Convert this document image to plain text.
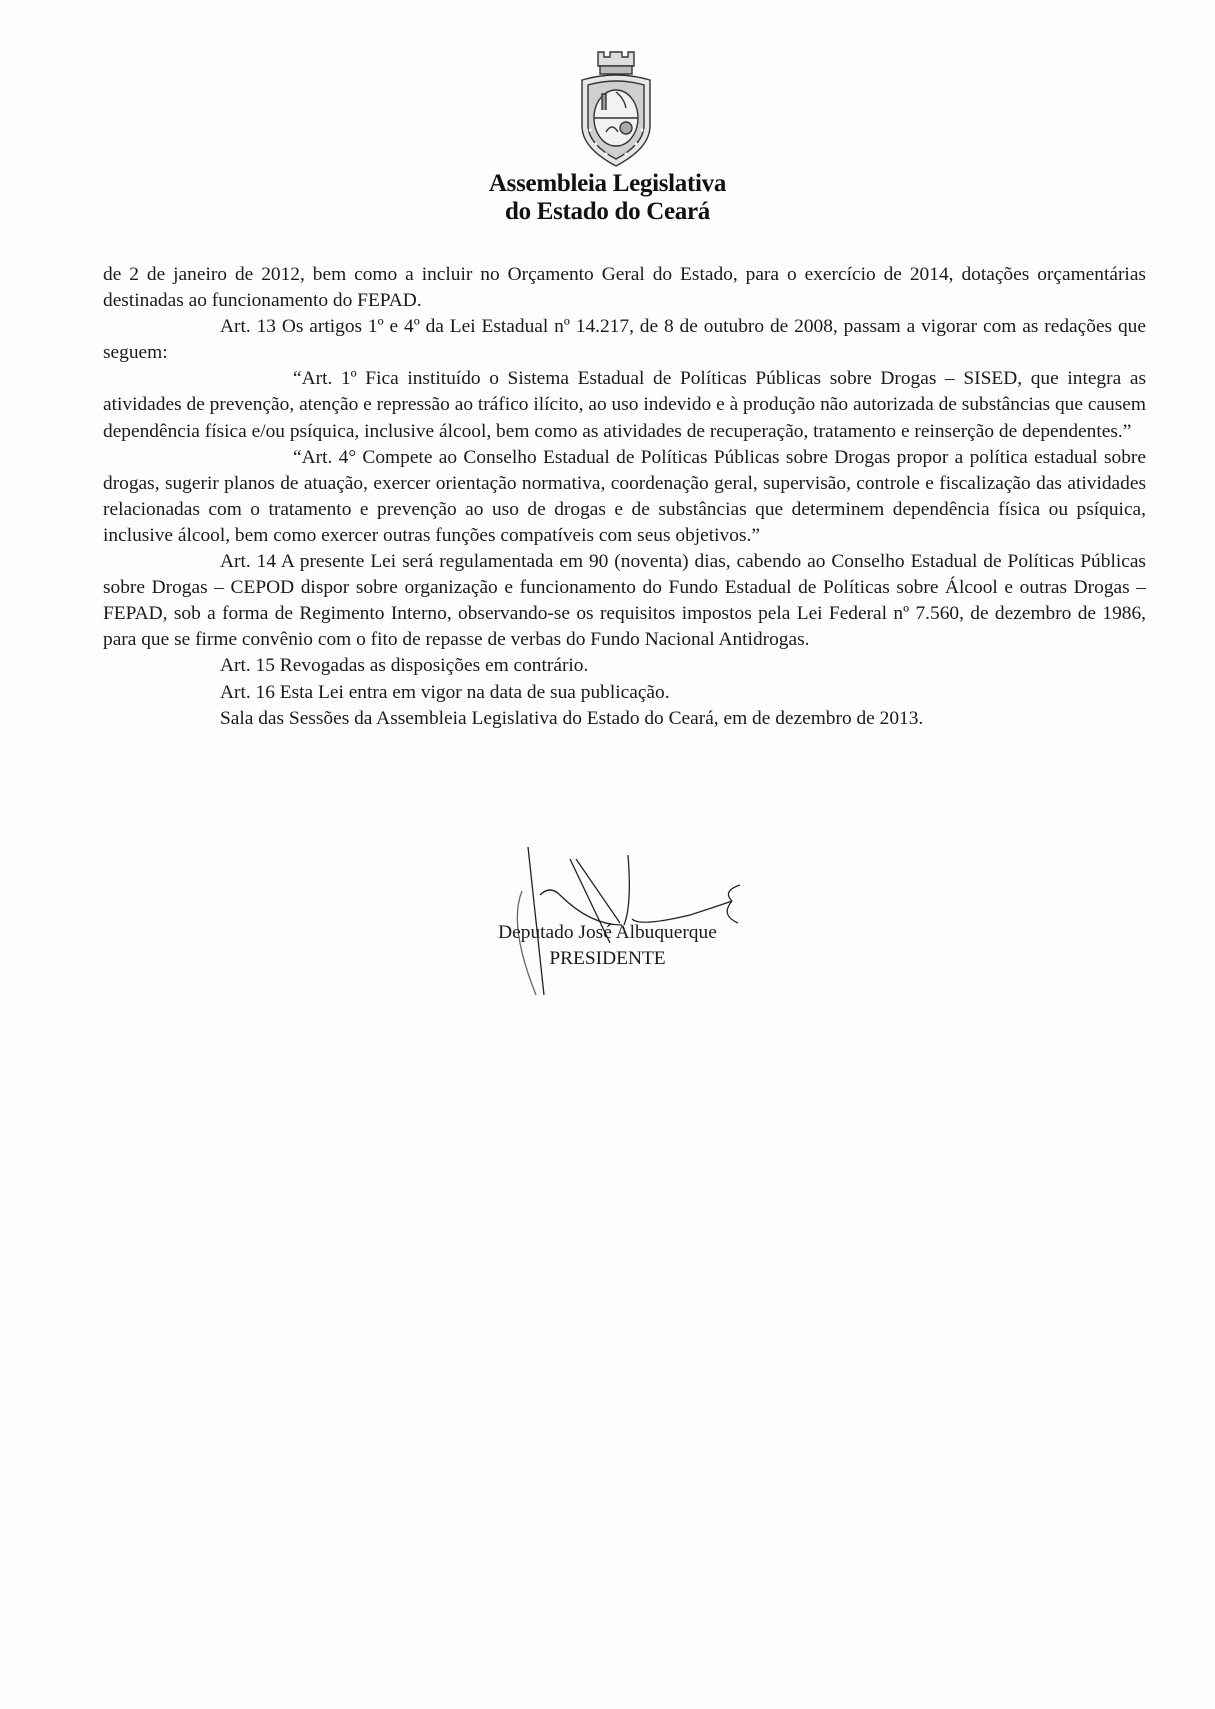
Assembleia Legislativa
do Estado do Ceará

de 2 de janeiro de 2012, bem como a incluir no Orçamento Geral do Estado, para o exercício de 2014, dotações orçamentárias destinadas ao funcionamento do FEPAD.

Art. 13 Os artigos 1º e 4º da Lei Estadual nº 14.217, de 8 de outubro de 2008, passam a vigorar com as redações que seguem:

“Art. 1º Fica instituído o Sistema Estadual de Políticas Públicas sobre Drogas – SISED, que integra as atividades de prevenção, atenção e repressão ao tráfico ilícito, ao uso indevido e à produção não autorizada de substâncias que causem dependência física e/ou psíquica, inclusive álcool, bem como as atividades de recuperação, tratamento e reinserção de dependentes.”

“Art. 4° Compete ao Conselho Estadual de Políticas Públicas sobre Drogas propor a política estadual sobre drogas, sugerir planos de atuação, exercer orientação normativa, coordenação geral, supervisão, controle e fiscalização das atividades relacionadas com o tratamento e prevenção ao uso de drogas e de substâncias que determinem dependência física ou psíquica, inclusive álcool, bem como exercer outras funções compatíveis com seus objetivos.”

Art. 14 A presente Lei será regulamentada em 90 (noventa) dias, cabendo ao Conselho Estadual de Políticas Públicas sobre Drogas – CEPOD dispor sobre organização e funcionamento do Fundo Estadual de Políticas sobre Álcool e outras Drogas – FEPAD, sob a forma de Regimento Interno, observando-se os requisitos impostos pela Lei Federal nº 7.560, de dezembro de 1986, para que se firme convênio com o fito de repasse de verbas do Fundo Nacional Antidrogas.

Art. 15 Revogadas as disposições em contrário.

Art. 16 Esta Lei entra em vigor na data de sua publicação.

Sala das Sessões da Assembleia Legislativa do Estado do Ceará, em de dezembro de 2013.

Deputado José Albuquerque
PRESIDENTE
